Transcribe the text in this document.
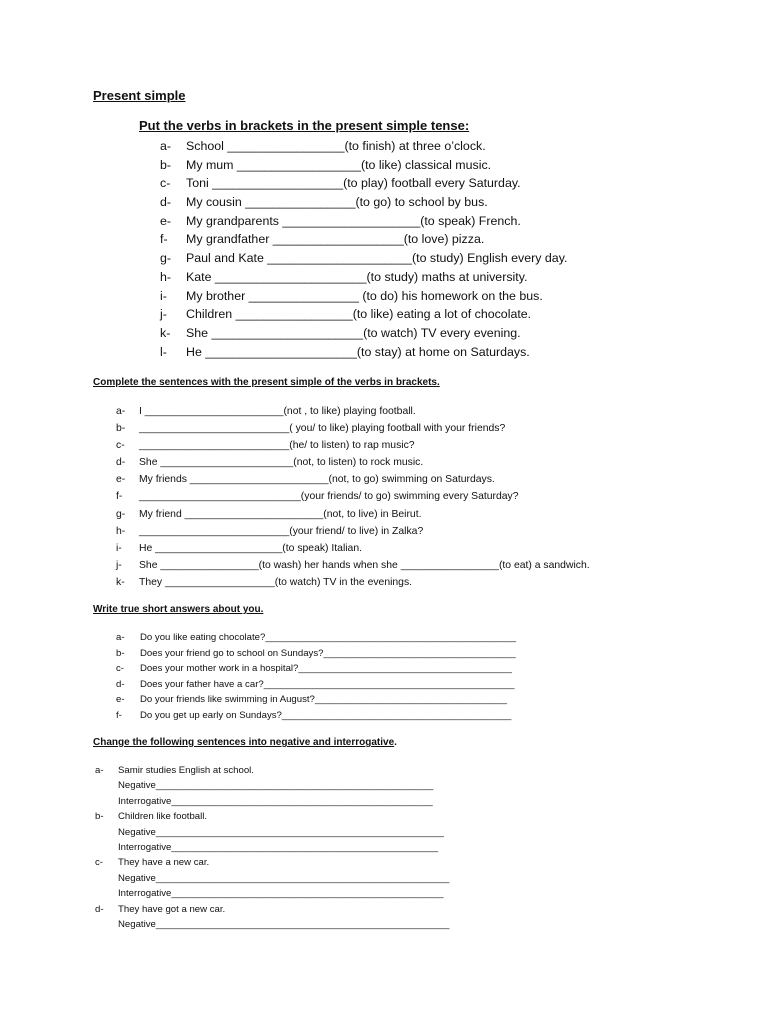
Present simple
Put the verbs in brackets in the present simple tense:
a- School _________________(to finish) at three o’clock.
b- My mum __________________(to like) classical music.
c- Toni ___________________(to play) football every Saturday.
d- My cousin ________________(to go) to school by bus.
e- My grandparents ____________________(to speak) French.
f- My grandfather ___________________(to love) pizza.
g- Paul and Kate _____________________(to study) English every day.
h- Kate ______________________(to study) maths at university.
i- My brother ________________ (to do) his homework on the bus.
j- Children _________________(to like) eating a lot of chocolate.
k- She ______________________(to watch) TV every evening.
l- He ______________________(to stay) at home on Saturdays.
Complete the sentences with the present simple of the verbs in brackets.
a- I ________________________(not , to like) playing football.
b- __________________________( you/ to like) playing football with your friends?
c- __________________________(he/ to listen) to rap music?
d- She _______________________(not, to listen) to rock music.
e- My friends ________________________(not, to go) swimming on Saturdays.
f- ____________________________(your friends/ to go) swimming every Saturday?
g- My friend ________________________(not, to live) in Beirut.
h- __________________________(your friend/ to live) in Zalka?
i- He ______________________(to speak) Italian.
j- She _________________(to wash) her hands when she _________________(to eat) a sandwich.
k- They ___________________(to watch) TV in the evenings.
Write true short answers about you.
a- Do you like eating chocolate?_______________________________________________
b- Does your friend go to school on Sundays?____________________________________
c- Does your mother work in a hospital?________________________________________
d- Does your father have a car?_______________________________________________
e- Do your friends like swimming in August?____________________________________
f- Do you get up early on Sundays?___________________________________________
Change the following sentences into negative and interrogative.
a- Samir studies English at school.
Negative____________________________________________________
Interrogative_________________________________________________
b- Children like football.
Negative______________________________________________________
Interrogative__________________________________________________
c- They have a new car.
Negative_______________________________________________________
Interrogative___________________________________________________
d- They have got a new car.
Negative_______________________________________________________
